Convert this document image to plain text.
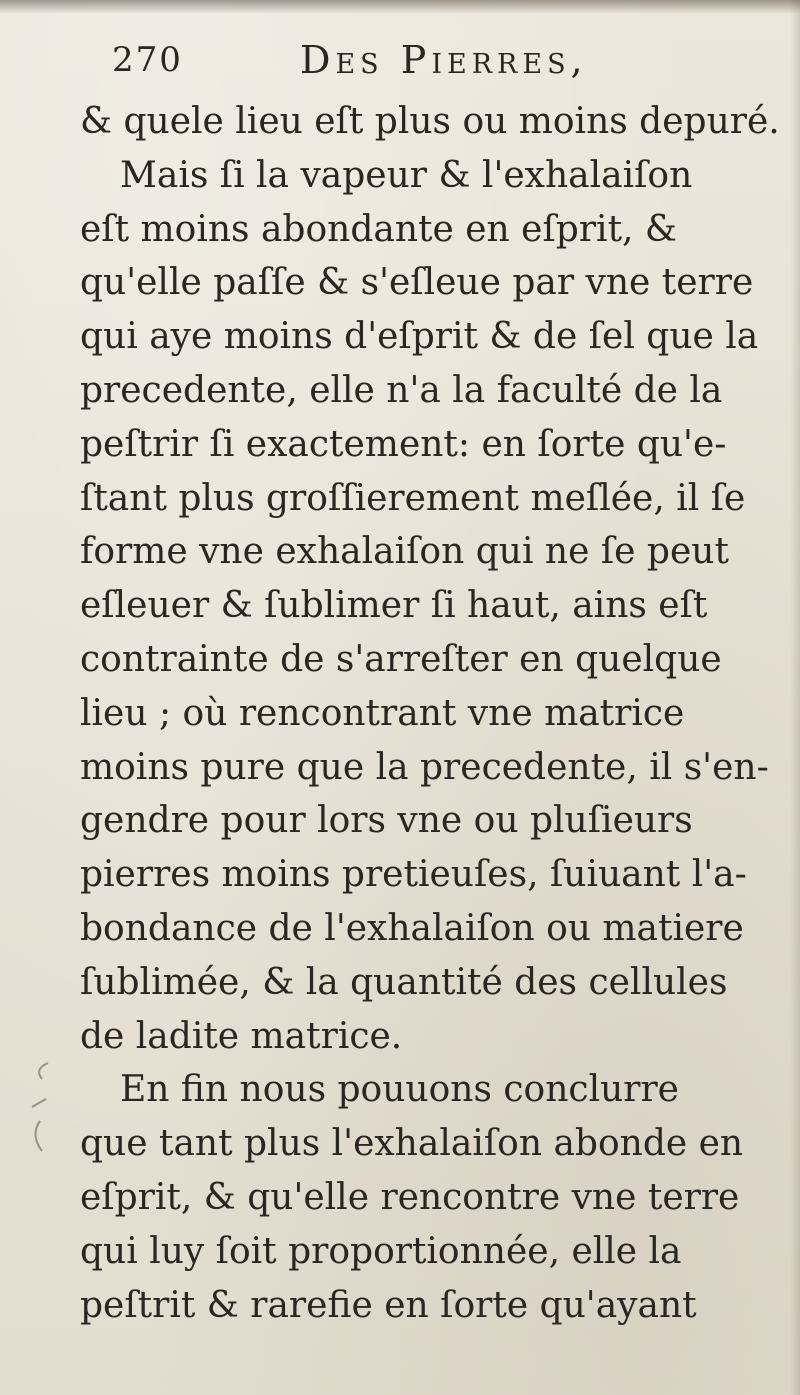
270	Des Pierres,
& quele lieu eſt plus ou moins depuré.
Mais ſi la vapeur & l'exhalaiſon
eſt moins abondante en eſprit, &
qu'elle paſſe & s'eſleue par vne terre
qui aye moins d'eſprit & de ſel que la
precedente, elle n'a la faculté de la
peſtrir ſi exactement: en ſorte qu'e-
ſtant plus groſſierement meſlée, il ſe
forme vne exhalaiſon qui ne ſe peut
eſleuer & ſublimer ſi haut, ains eſt
contrainte de s'arreſter en quelque
lieu ; où rencontrant vne matrice
moins pure que la precedente, il s'en-
gendre pour lors vne ou pluſieurs
pierres moins pretieuſes, ſuiuant l'a-
bondance de l'exhalaiſon ou matiere
ſublimée, & la quantité des cellules
de ladite matrice.
En fin nous pouuons conclurre
que tant plus l'exhalaiſon abonde en
eſprit, & qu'elle rencontre vne terre
qui luy ſoit proportionnée, elle la
peſtrit & rarefie en ſorte qu'ayant
